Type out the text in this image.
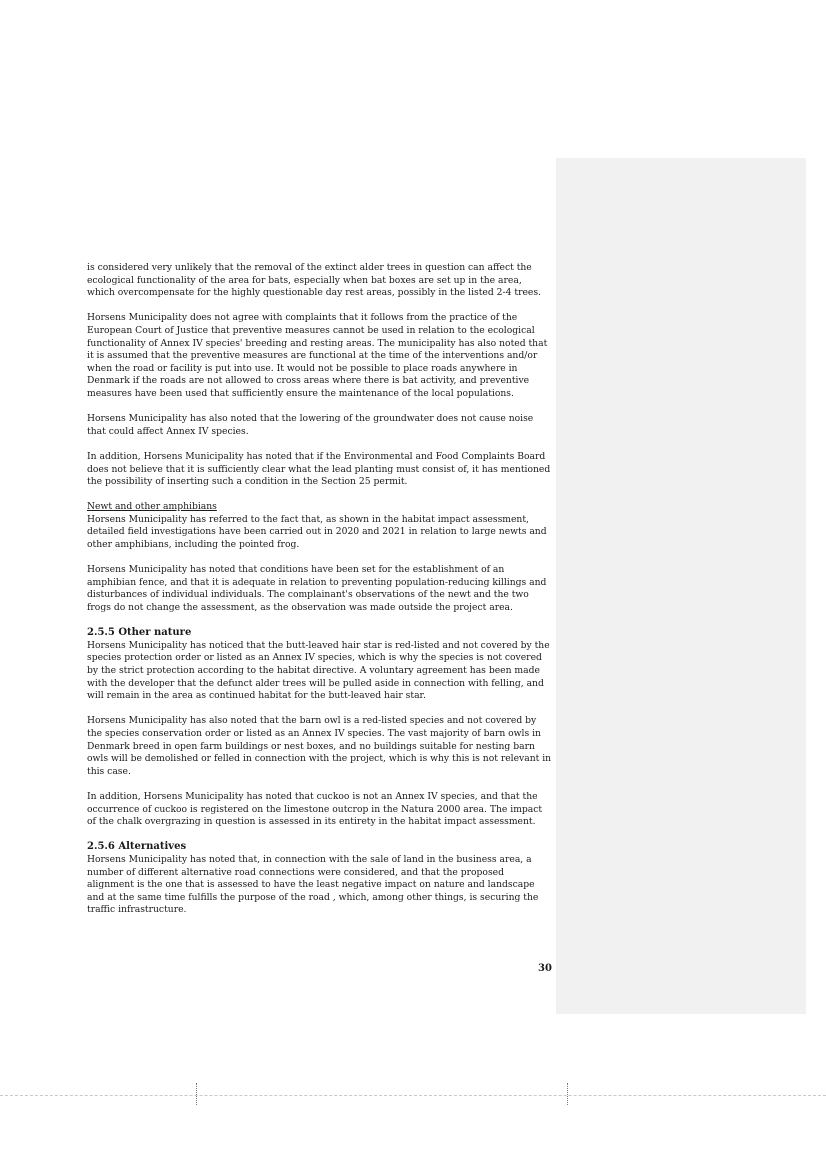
is considered very unlikely that the removal of the extinct alder trees in question can affect the ecological functionality of the area for bats, especially when bat boxes are set up in the area, which overcompensate for the highly questionable day rest areas, possibly in the listed 2-4 trees.

Horsens Municipality does not agree with complaints that it follows from the practice of the European Court of Justice that preventive measures cannot be used in relation to the ecological functionality of Annex IV species' breeding and resting areas. The municipality has also noted that it is assumed that the preventive measures are functional at the time of the interventions and/or when the road or facility is put into use. It would not be possible to place roads anywhere in Denmark if the roads are not allowed to cross areas where there is bat activity, and preventive measures have been used that sufficiently ensure the maintenance of the local populations.

Horsens Municipality has also noted that the lowering of the groundwater does not cause noise that could affect Annex IV species.

In addition, Horsens Municipality has noted that if the Environmental and Food Complaints Board does not believe that it is sufficiently clear what the lead planting must consist of, it has mentioned the possibility of inserting such a condition in the Section 25 permit.

Newt and other amphibians

Horsens Municipality has referred to the fact that, as shown in the habitat impact assessment, detailed field investigations have been carried out in 2020 and 2021 in relation to large newts and other amphibians, including the pointed frog.

Horsens Municipality has noted that conditions have been set for the establishment of an amphibian fence, and that it is adequate in relation to preventing population-reducing killings and disturbances of individual individuals. The complainant's observations of the newt and the two frogs do not change the assessment, as the observation was made outside the project area.

2.5.5 Other nature

Horsens Municipality has noticed that the butt-leaved hair star is red-listed and not covered by the species protection order or listed as an Annex IV species, which is why the species is not covered by the strict protection according to the habitat directive. A voluntary agreement has been made with the developer that the defunct alder trees will be pulled aside in connection with felling, and will remain in the area as continued habitat for the butt-leaved hair star.

Horsens Municipality has also noted that the barn owl is a red-listed species and not covered by the species conservation order or listed as an Annex IV species. The vast majority of barn owls in Denmark breed in open farm buildings or nest boxes, and no buildings suitable for nesting barn owls will be demolished or felled in connection with the project, which is why this is not relevant in this case.

In addition, Horsens Municipality has noted that cuckoo is not an Annex IV species, and that the occurrence of cuckoo is registered on the limestone outcrop in the Natura 2000 area. The impact of the chalk overgrazing in question is assessed in its entirety in the habitat impact assessment.

2.5.6 Alternatives

Horsens Municipality has noted that, in connection with the sale of land in the business area, a number of different alternative road connections were considered, and that the proposed alignment is the one that is assessed to have the least negative impact on nature and landscape and at the same time fulfills the purpose of the road , which, among other things, is securing the traffic infrastructure.

30
